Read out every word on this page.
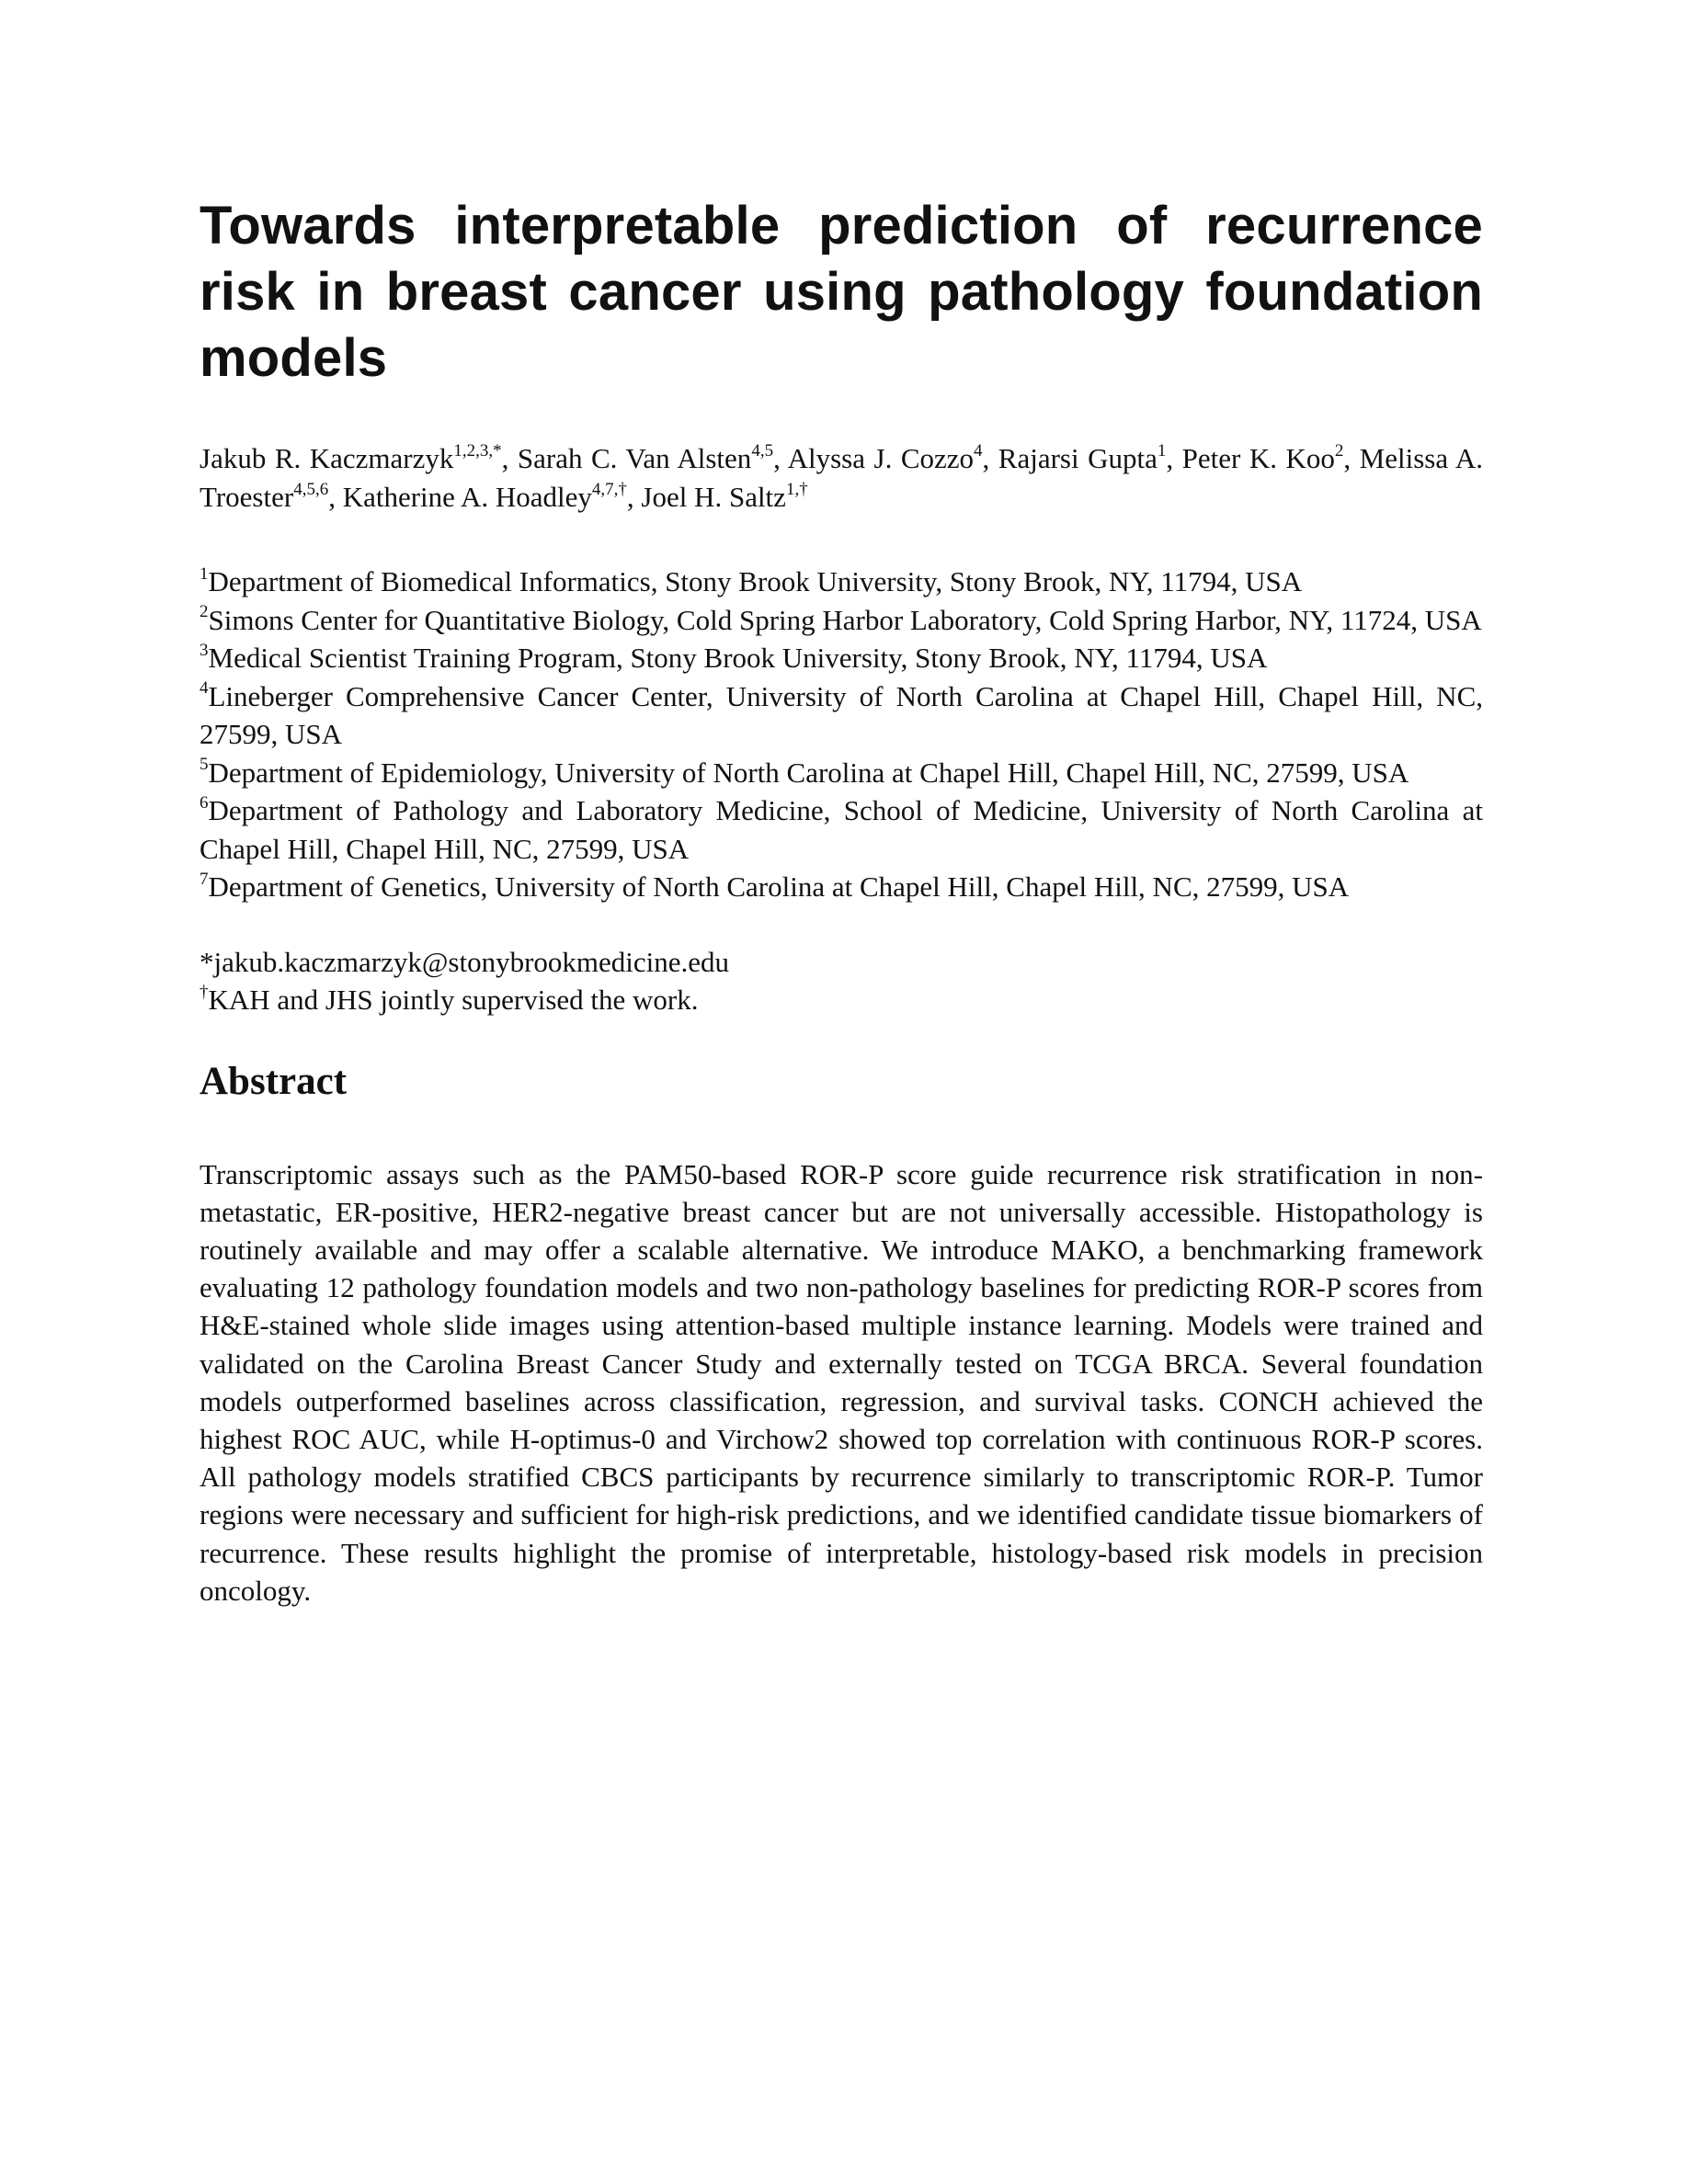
Towards interpretable prediction of recurrence risk in breast cancer using pathology foundation models
Jakub R. Kaczmarzyk$^{1,2,3,*}$, Sarah C. Van Alsten$^{4,5}$, Alyssa J. Cozzo$^4$, Rajarsi Gupta$^1$, Peter K. Koo$^2$, Melissa A. Troester$^{4,5,6}$, Katherine A. Hoadley$^{4,7,\dagger}$, Joel H. Saltz$^{1,\dagger}$
$^1$Department of Biomedical Informatics, Stony Brook University, Stony Brook, NY, 11794, USA
$^2$Simons Center for Quantitative Biology, Cold Spring Harbor Laboratory, Cold Spring Harbor, NY, 11724, USA
$^3$Medical Scientist Training Program, Stony Brook University, Stony Brook, NY, 11794, USA
$^4$Lineberger Comprehensive Cancer Center, University of North Carolina at Chapel Hill, Chapel Hill, NC, 27599, USA
$^5$Department of Epidemiology, University of North Carolina at Chapel Hill, Chapel Hill, NC, 27599, USA
$^6$Department of Pathology and Laboratory Medicine, School of Medicine, University of North Carolina at Chapel Hill, Chapel Hill, NC, 27599, USA
$^7$Department of Genetics, University of North Carolina at Chapel Hill, Chapel Hill, NC, 27599, USA
*jakub.kaczmarzyk@stonybrookmedicine.edu
†KAH and JHS jointly supervised the work.
Abstract

Transcriptomic assays such as the PAM50-based ROR-P score guide recurrence risk stratification in non-metastatic, ER-positive, HER2-negative breast cancer but are not universally accessible. Histopathology is routinely available and may offer a scalable alternative. We introduce MAKO, a benchmarking framework evaluating 12 pathology foundation models and two non-pathology baselines for predicting ROR-P scores from H&E-stained whole slide images using attention-based multiple instance learning. Models were trained and validated on the Carolina Breast Cancer Study and externally tested on TCGA BRCA. Several foundation models outperformed baselines across classification, regression, and survival tasks. CONCH achieved the highest ROC AUC, while H-optimus-0 and Virchow2 showed top correlation with continuous ROR-P scores. All pathology models stratified CBCS participants by recurrence similarly to transcriptomic ROR-P. Tumor regions were necessary and sufficient for high-risk predictions, and we identified candidate tissue biomarkers of recurrence. These results highlight the promise of interpretable, histology-based risk models in precision oncology.
